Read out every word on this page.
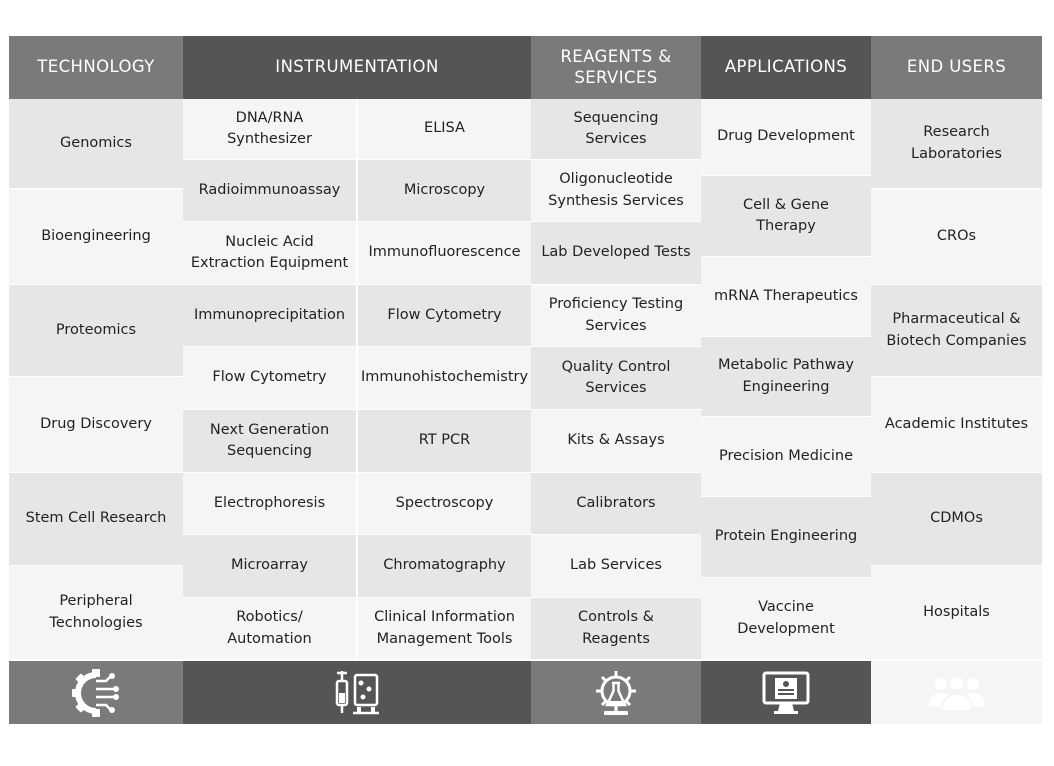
TECHNOLOGY	INSTRUMENTATION
REAGENTS &
SERVICES
APPLICATIONS	END USERS
Genomics
Bioengineering
Proteomics
Drug Discovery
Stem Cell Research
Peripheral
Technologies
DNA/RNA
Synthesizer
Radioimmunoassay
Nucleic Acid
Extraction Equipment
Immunoprecipitation
Flow Cytometry
Next Generation
Sequencing
Electrophoresis
Microarray
Robotics/
Automation
ELISA
Microscopy
Immunofluorescence
Flow Cytometry
Immunohistochemistry
RT PCR
Spectroscopy
Chromatography
Clinical Information
Management Tools
Sequencing
Services
Oligonucleotide
Synthesis Services
Lab Developed Tests
Proficiency Testing
Services
Quality Control
Services
Kits & Assays
Calibrators
Lab Services
Controls &
Reagents
Drug Development
Cell & Gene
Therapy
mRNA Therapeutics
Metabolic Pathway
Engineering
Precision Medicine
Protein Engineering
Vaccine
Development
Research
Laboratories
CROs
Pharmaceutical &
Biotech Companies
Academic Institutes
CDMOs
Hospitals
